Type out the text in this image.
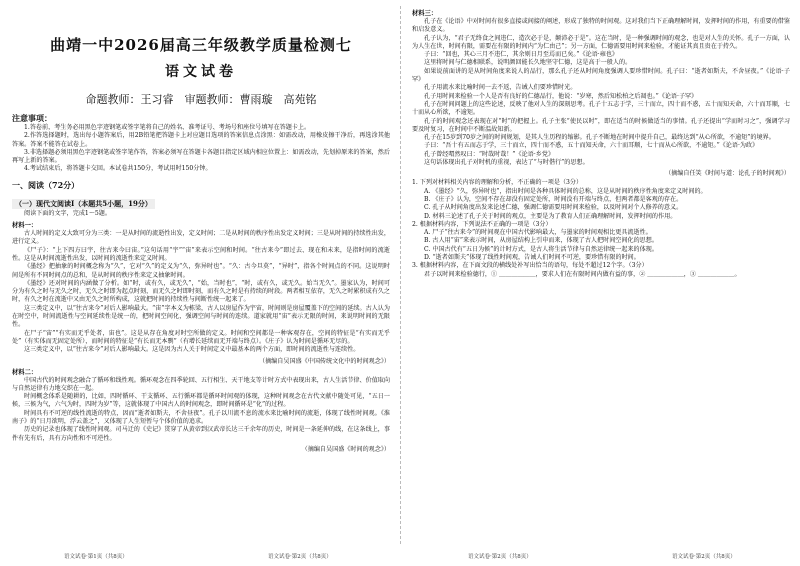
曲靖一中2026届高三年级教学质量检测七
语文试卷
命题教师：王习睿　审题教师：曹雨璇　高苑铭
注意事项：

1.答卷前，考生务必用黑色字迹钢笔或签字笔将自己的姓名、准考证号、考场号和座位号填写在答题卡上。

2.作答选择题时，选出每小题答案后，用2B铅笔把答题卡上对应题目选项的答案信息点涂黑：如需改动，用橡皮擦干净后，再选涂其他答案。答案不能答在试卷上。

3.非选择题必须用黑色字迹钢笔或签字笔作答，答案必须写在答题卡各题目指定区域内相应位置上：如需改动，先划掉原来的答案，然后再写上新的答案。

4.考试结束后，将答题卡交回。本试卷共150分，考试用时150分钟。

一、阅读（72分）
（一）现代文阅读Ⅰ（本题共5小题，19分）

阅读下面的文字，完成1～5题。

材料一：

古人时间的定义大致可分为三类：一是从时间的流逝性出发，定义时间；二是从时间的秩序性出发定义时间；三是从时间的持续性出发，进行定义。

《尸子》：“上下四方曰宇，往古来今曰宙。”这句话用“宇”“宙”来表示空间和时间。“往古来今”即过去、现在和未来，是指时间的流逝性。这是从时间流逝性出发，以时间的流逝性来定义时间。

《墨经》把抽象的时间概念称为“久”，它对“久”的定义为“久，弥异时也”。“久：古今旦莫”，“异时”，指各个时间点的不同。这说明时间是所有不同时间点的总和，是从时间的秩序性来定义抽象时间。

《墨经》还对时间的内涵做了分析。如“时，或有久，或无久”，“始，当时也”，“时，或有久，或无久。始当无久”。墨家认为，时间可分为有久之时与无久之时，无久之时即为起点时刻，而无久之时即时刻，而有久之时是有持续的时段。两者相互依存，无久之时累积成有久之时，有久之时在流逝中又由无久之时所构成，这就把时间的持续性与间断性统一起来了。

这三类定义中，以“往古来今”对后人影响最大。“宙”字本义为栋梁，古人以房屋作为宇宙，时间则是房屋覆盖下的空间的延续。古人认为在时空中，时间流逝性与空间延续性是统一的，把时间空间化，强调空间与时间的连续。道家就用“宙”表示无限的时间，来说明时间的无限性。

在尸子“宙”“有实而无乎处者，宙也”。这是从存在角度对时空所做的定义。时间和空间都是一种客观存在，空间的特征是“有实而无乎处”（有实体而无固定处所），而时间的特征是“有长而无本剽”（有增长延续而无开端与终点）。《庄子》认为时间是循环无尽的。

这三类定义中，以“往古来今”对后人影响最大。这是因为古人关于时间定义中最基本的两个方面，即时间的流逝性与连续性。

（摘编自吴国盛《中国传统文化中的时间观念》）
材料二：

中国古代的时间观念融合了循环和线性观。循环观念在四季轮回、五行相生、天干地支等计时方式中表现出来，古人生活节律、价值取向与自然运律有力地交织在一起。

时间概念体系是随耕的，比如，四时循环、干支循环、五行循环都是循环时间观的体现，这种时间观念在古代文献中随处可见，“五日一候，三候为气，六气为时，四时为岁”等，这就体现了中国古人的时间观念，即时间循环是“化”的过程。

时间具有不可逆的线性流逝的特点，因而“逝者如斯夫，不舍昼夜”。孔子以川流不息的流水来比喻时间的流逝，体现了线性时间观。《淮南子》的“日月欲明，浮云盖之”，又体现了人生短暂与个体价值的追求。

历史的记录也体现了线性时间观。司马迁的《史记》贯穿了从黄帝到汉武帝长达三千余年的历史，时间是一条延伸的线，在这条线上，事件有先有后，具有方向性和不可逆性。

（摘编自吴国盛《时间的观念》）
材料三：

孔子在《论语》中对时间有很多直接或间接的阐述，形成了独特的时间观。这对我们当下正确理解时间，发挥时间的作用，有重要的借鉴和启发意义。

孔子认为，“君子无终食之间违仁，造次必于是，颠沛必于是”。这在当时，是一种强调时间的观念，也是对人生的关怀。孔子一方面，认为人生在世，时间有限，需要在有限的时间内“为仁由己”；另一方面，仁德需要用时间来检验，才能证其真且贵在于持久。

子曰：“回也，其心三月不违仁，其余则日月至焉而已矣。”《论语·雍也》

这里将时间与仁德相联系，说明颜回能长久地坚守仁德，这是高于一般人的。

如果说前面讲的是从时间角度来说人的品行，那么孔子还从时间角度强调人要珍惜时间。孔子曰：“逝者如斯夫，不舍昼夜。”《论语·子罕》

孔子用流水来比喻时间一去不返，告诫人们要珍惜时光。

孔子用时间来检验一个人是否有良好的仁德品行，他说：“岁寒，然后知松柏之后凋也。”《论语·子罕》

孔子在时间问题上的这些论述，反映了他对人生的深刻思考。孔子十五志于学，三十而立，四十而不惑，五十而知天命，六十而耳顺，七十而从心所欲，不逾矩。

孔子的时间观念还表现在对“时”的把握上。孔子主张“使民以时”，即在适当的时候做适当的事情。孔子还提出“学而时习之”，强调学习要及时复习，在时间中不断温故知新。

孔子在15岁到70岁之间的时间规划，是其人生历程的缩影。孔子不断地在时间中提升自己，最终达到“从心所欲，不逾矩”的境界。

子曰：“吾十有五而志于学，三十而立，四十而不惑，五十而知天命，六十而耳顺，七十而从心所欲，不逾矩。”《论语·为政》

孔子曾经喟然叹曰：“时哉时哉！”《论语·乡党》

这句话体现出孔子对时机的重视，表达了“与时偕行”的思想。

（摘编自任笑《时间与道：论孔子的时间观》）

1. 下列对材料相关内容的理解和分析，不正确的一项是（3分）

A. 《墨经》“久，弥异时也”，指出时间是各种具体时间的总称，这是从时间的秩序性角度来定义时间的。

B. 《庄子》认为，空间不存在却没有固定处所，时间没有开端与终点，但两者都是客观的存在。

C. 孔子从时间角度出发来论述仁德，强调仁德需要用时间来检验，以及时间对个人修养的意义。

D. 材料三论述了孔子关于时间的观点，主要是为了教育人们正确理解时间，发挥时间的作用。

2. 根据材料内容，下列说法不正确的一项是（3分）

A. 尸子“往古来今”的时间观在中国古代影响最大，与墨家的时间观相比更具流逝性。

B. 古人用“宙”来表示时间，从房屋结构上引申而来，体现了古人把时间空间化的思想。

C. 中国古代有“五日为候”的计时方式，是古人将生活节律与自然运律统一起来的体现。

D. “逝者如斯夫”体现了线性时间观，告诫人们时间不可逆，要珍惜有限的时间。

3. 根据材料内容，在下面文段的横线处补写出恰当的语句，每处不超过12个字。（3分）

君子以时间来检验德行，① ＿＿＿＿＿＿，要求人们在有限时间内做有益的事，② ＿＿＿＿＿＿，③ ＿＿＿＿＿＿。

语文试卷·第1页（共8页）	语文试卷·第2页（共8页）	语文试卷·第2页（共8页）	语文试卷·第2页（共8页）
